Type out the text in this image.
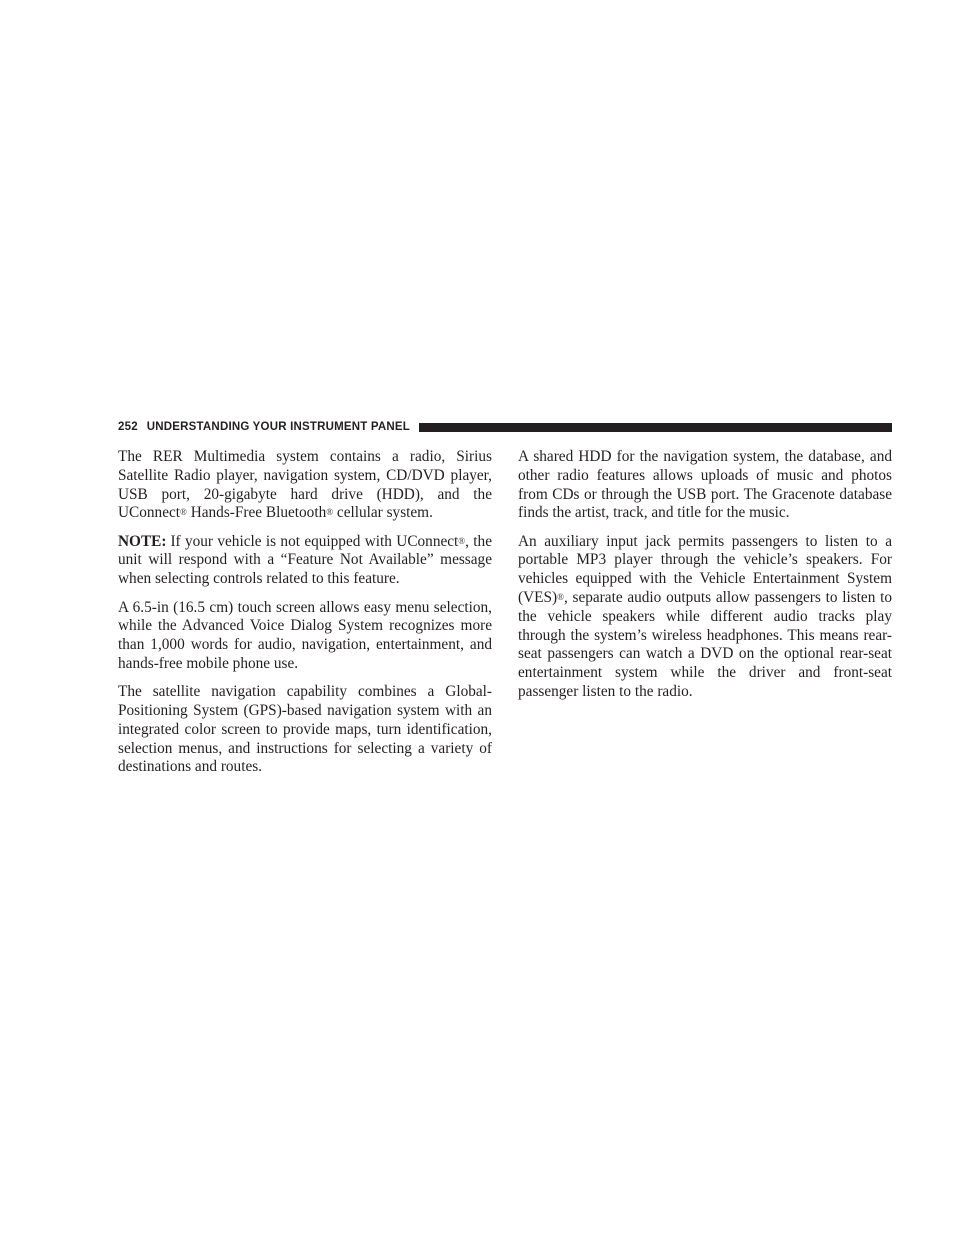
252 UNDERSTANDING YOUR INSTRUMENT PANEL

The RER Multimedia system contains a radio, Sirius Satellite Radio player, navigation system, CD/DVD player, USB port, 20-gigabyte hard drive (HDD), and the UConnect® Hands-Free Bluetooth® cellular system.

NOTE: If your vehicle is not equipped with UConnect®, the unit will respond with a “Feature Not Available” message when selecting controls related to this feature.

A 6.5-in (16.5 cm) touch screen allows easy menu selection, while the Advanced Voice Dialog System recognizes more than 1,000 words for audio, navigation, entertainment, and hands-free mobile phone use.

The satellite navigation capability combines a Global-Positioning System (GPS)-based navigation system with an integrated color screen to provide maps, turn identification, selection menus, and instructions for selecting a variety of destinations and routes.

A shared HDD for the navigation system, the database, and other radio features allows uploads of music and photos from CDs or through the USB port. The Gracenote database finds the artist, track, and title for the music.

An auxiliary input jack permits passengers to listen to a portable MP3 player through the vehicle’s speakers. For vehicles equipped with the Vehicle Entertainment System (VES)®, separate audio outputs allow passengers to listen to the vehicle speakers while different audio tracks play through the system’s wireless headphones. This means rear-seat passengers can watch a DVD on the optional rear-seat entertainment system while the driver and front-seat passenger listen to the radio.
